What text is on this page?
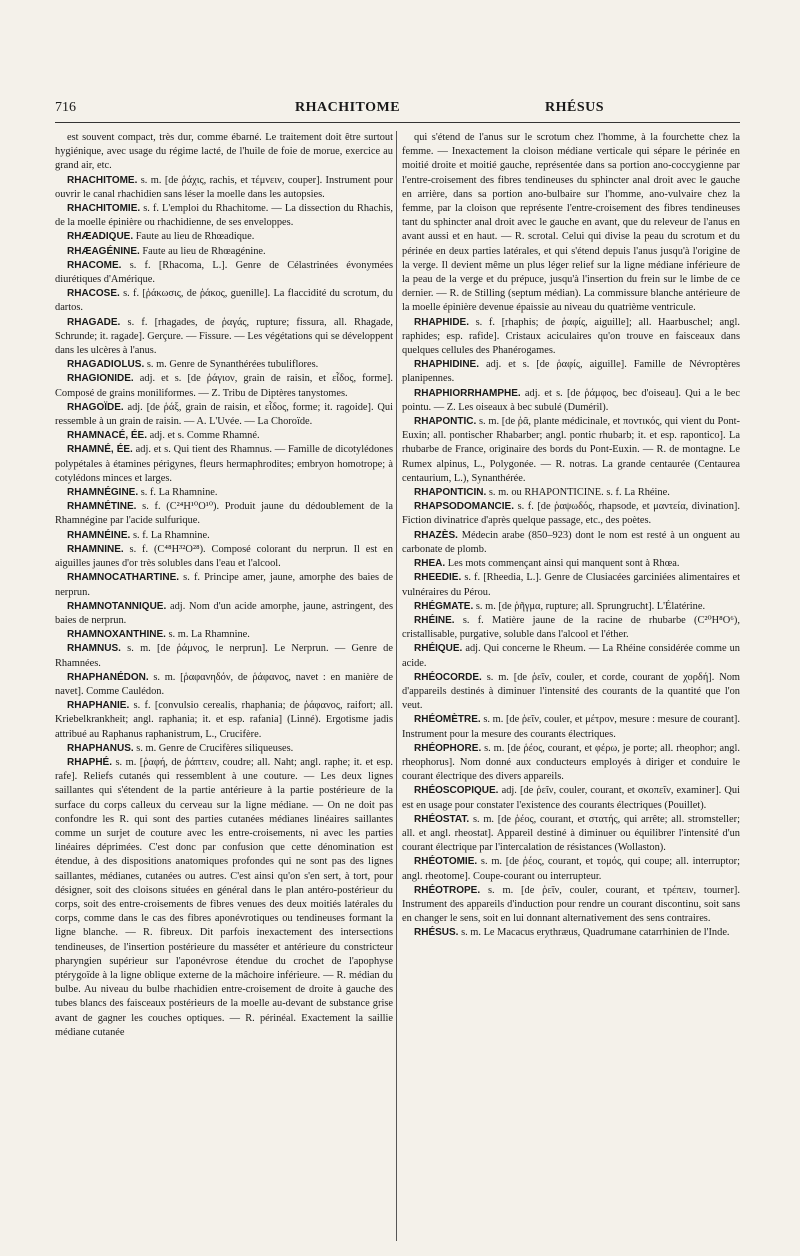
716	RHACHITOME	RHÉSUS

est souvent compact, très dur, comme ébarné. Le traitement doit être surtout hygiénique, avec usage du régime lacté, de l'huile de foie de morue, exercice au grand air, etc.

RHACHITOME. s. m. [de ῥάχις, rachis, et τέμνειν, couper]. Instrument pour ouvrir le canal rhachidien sans léser la moelle dans les autopsies.

RHACHITOMIE. s. f. L'emploi du Rhachitome. — La dissection du Rhachis, de la moelle épinière ou rhachidienne, de ses enveloppes.

RHÆADIQUE. Faute au lieu de Rhœadique.

RHÆAGÉNINE. Faute au lieu de Rhœagénine.

RHACOME. s. f. [Rhacoma, L.]. Genre de Célastrinées évonymées diurétiques d'Amérique.

RHACOSE. s. f. [ῥάκωσις, de ῥάκος, guenille]. La flaccidité du scrotum, du dartos.

RHAGADE. s. f. [rhagades, de ῥαγάς, rupture; fissura, all. Rhagade, Schrunde; it. ragade]. Gerçure. — Fissure. — Les végétations qui se développent dans les ulcères à l'anus.

RHAGADIOLUS. s. m. Genre de Synanthérées tubuliflores.

RHAGIONIDE. adj. et s. [de ῥάγιον, grain de raisin, et εἶδος, forme]. Composé de grains moniliformes. — Z. Tribu de Diptères tanystomes.

RHAGOÏDE. adj. [de ῥάξ, grain de raisin, et εἶδος, forme; it. ragoide]. Qui ressemble à un grain de raisin. — A. L'Uvée. — La Choroïde.

RHAMNACÉ, ÉE. adj. et s. Comme Rhamné.

RHAMNÉ, ÉE. adj. et s. Qui tient des Rhamnus. — Famille de dicotylédones polypétales à étamines périgynes, fleurs hermaphrodites; embryon homotrope; à cotylédons minces et larges.

RHAMNÉGINE. s. f. La Rhamnine.

RHAMNÉTINE. s. f. (C²⁴H¹⁰O¹⁰). Produit jaune du dédoublement de la Rhamnégine par l'acide sulfurique.

RHAMNÉINE. s. f. La Rhamnine.

RHAMNINE. s. f. (C⁴⁸H³²O²⁸). Composé colorant du nerprun. Il est en aiguilles jaunes d'or très solubles dans l'eau et l'alcool.

RHAMNOCATHARTINE. s. f. Principe amer, jaune, amorphe des baies de nerprun.

RHAMNOTANNIQUE. adj. Nom d'un acide amorphe, jaune, astringent, des baies de nerprun.

RHAMNOXANTHINE. s. m. La Rhamnine.

RHAMNUS. s. m. [de ῥάμνος, le nerprun]. Le Nerprun. — Genre de Rhamnées.

RHAPHANÉDON. s. m. [ῥαφανηδόν, de ῥάφανος, navet : en manière de navet]. Comme Caulédon.

RHAPHANIE. s. f. [convulsio cerealis, rhaphania; de ῥάφανος, raifort; all. Kriebelkrankheit; angl. raphania; it. et esp. rafania] (Linné). Ergotisme jadis attribué au Raphanus raphanistrum, L., Crucifère.

RHAPHANUS. s. m. Genre de Crucifères siliqueuses.

RHAPHÉ. s. m. [ῥαφή, de ῥάπτειν, coudre; all. Naht; angl. raphe; it. et esp. rafe]. Reliefs cutanés qui ressemblent à une couture. — Les deux lignes saillantes qui s'étendent de la partie antérieure à la partie postérieure de la surface du corps calleux du cerveau sur la ligne médiane. — On ne doit pas confondre les R. qui sont des parties cutanées médianes linéaires saillantes comme un surjet de couture avec les entre-croisements, ni avec les parties linéaires déprimées. C'est donc par confusion que cette dénomination est étendue, à des dispositions anatomiques profondes qui ne sont pas des lignes saillantes, médianes, cutanées ou autres. C'est ainsi qu'on s'en sert, à tort, pour désigner, soit des cloisons situées en général dans le plan antéro-postérieur du corps, soit des entre-croisements de fibres venues des deux moitiés latérales du corps, comme dans le cas des fibres aponévrotiques ou tendineuses formant la ligne blanche. — R. fibreux. Dit parfois inexactement des intersections tendineuses, de l'insertion postérieure du masséter et antérieure du constricteur pharyngien supérieur sur l'aponévrose étendue du crochet de l'apophyse ptérygoïde à la ligne oblique externe de la mâchoire inférieure. — R. médian du bulbe. Au niveau du bulbe rhachidien entre-croisement de droite à gauche des tubes blancs des faisceaux postérieurs de la moelle au-devant de substance grise avant de gagner les couches optiques. — R. périnéal. Exactement la saillie médiane cutanée

qui s'étend de l'anus sur le scrotum chez l'homme, à la fourchette chez la femme. — Inexactement la cloison médiane verticale qui sépare le périnée en moitié droite et moitié gauche, représentée dans sa portion ano-coccygienne par l'entre-croisement des fibres tendineuses du sphincter anal droit avec le gauche en arrière, dans sa portion ano-bulbaire sur l'homme, ano-vulvaire chez la femme, par la cloison que représente l'entre-croisement des fibres tendineuses tant du sphincter anal droit avec le gauche en avant, que du releveur de l'anus en avant aussi et en haut. — R. scrotal. Celui qui divise la peau du scrotum et du périnée en deux parties latérales, et qui s'étend depuis l'anus jusqu'à l'origine de la verge. Il devient même un plus léger relief sur la ligne médiane inférieure de la peau de la verge et du prépuce, jusqu'à l'insertion du frein sur le limbe de ce dernier. — R. de Stilling (septum médian). La commissure blanche antérieure de la moelle épinière devenue épaissie au niveau du quatrième ventricule.

RHAPHIDE. s. f. [rhaphis; de ῥαφίς, aiguille]; all. Haarbuschel; angl. raphides; esp. rafide]. Cristaux aciculaires qu'on trouve en faisceaux dans quelques cellules des Phanérogames.

RHAPHIDINE. adj. et s. [de ῥαφίς, aiguille]. Famille de Névroptères planipennes.

RHAPHIORRHAMPHE. adj. et s. [de ῥάμφος, bec d'oiseau]. Qui a le bec pointu. — Z. Les oiseaux à bec subulé (Duméril).

RHAPONTIC. s. m. [de ῥᾶ, plante médicinale, et ποντικός, qui vient du Pont-Euxin; all. pontischer Rhabarber; angl. pontic rhubarb; it. et esp. rapontico]. La rhubarbe de France, originaire des bords du Pont-Euxin. — R. de montagne. Le Rumex alpinus, L., Polygonée. — R. notras. La grande centaurée (Centaurea centaurium, L.), Synanthérée.

RHAPONTICIN. s. m. ou RHAPONTICINE. s. f. La Rhéine.

RHAPSODOMANCIE. s. f. [de ῥαψωδός, rhapsode, et μαντεία, divination]. Fiction divinatrice d'après quelque passage, etc., des poètes.

RHAZÈS. Médecin arabe (850–923) dont le nom est resté à un onguent au carbonate de plomb.

RHEA. Les mots commençant ainsi qui manquent sont à Rhœa.

RHEEDIE. s. f. [Rheedia, L.]. Genre de Clusiacées garciniées alimentaires et vulnéraires du Pérou.

RHÉGMATE. s. m. [de ῥῆγμα, rupture; all. Sprungrucht]. L'Élatérine.

RHÉINE. s. f. Matière jaune de la racine de rhubarbe (C²⁰H⁸O⁶), cristallisable, purgative, soluble dans l'alcool et l'éther.

RHÉIQUE. adj. Qui concerne le Rheum. — La Rhéine considérée comme un acide.

RHÉOCORDE. s. m. [de ῥεῖν, couler, et corde, courant de χορδή]. Nom d'appareils destinés à diminuer l'intensité des courants de la quantité que l'on veut.

RHÉOMÈTRE. s. m. [de ῥεῖν, couler, et μέτρον, mesure : mesure de courant]. Instrument pour la mesure des courants électriques.

RHÉOPHORE. s. m. [de ῥέος, courant, et φέρω, je porte; all. rheophor; angl. rheophorus]. Nom donné aux conducteurs employés à diriger et conduire le courant électrique des divers appareils.

RHÉOSCOPIQUE. adj. [de ῥεῖν, couler, courant, et σκοπεῖν, examiner]. Qui est en usage pour constater l'existence des courants électriques (Pouillet).

RHÉOSTAT. s. m. [de ῥέος, courant, et στατής, qui arrête; all. stromsteller; all. et angl. rheostat]. Appareil destiné à diminuer ou équilibrer l'intensité d'un courant électrique par l'intercalation de résistances (Wollaston).

RHÉOTOMIE. s. m. [de ῥέος, courant, et τομός, qui coupe; all. interruptor; angl. rheotome]. Coupe-courant ou interrupteur.

RHÉOTROPE. s. m. [de ῥεῖν, couler, courant, et τρέπειν, tourner]. Instrument des appareils d'induction pour rendre un courant discontinu, soit sans en changer le sens, soit en lui donnant alternativement des sens contraires.

RHÉSUS. s. m. Le Macacus erythræus, Quadrumane catarrhinien de l'Inde.
